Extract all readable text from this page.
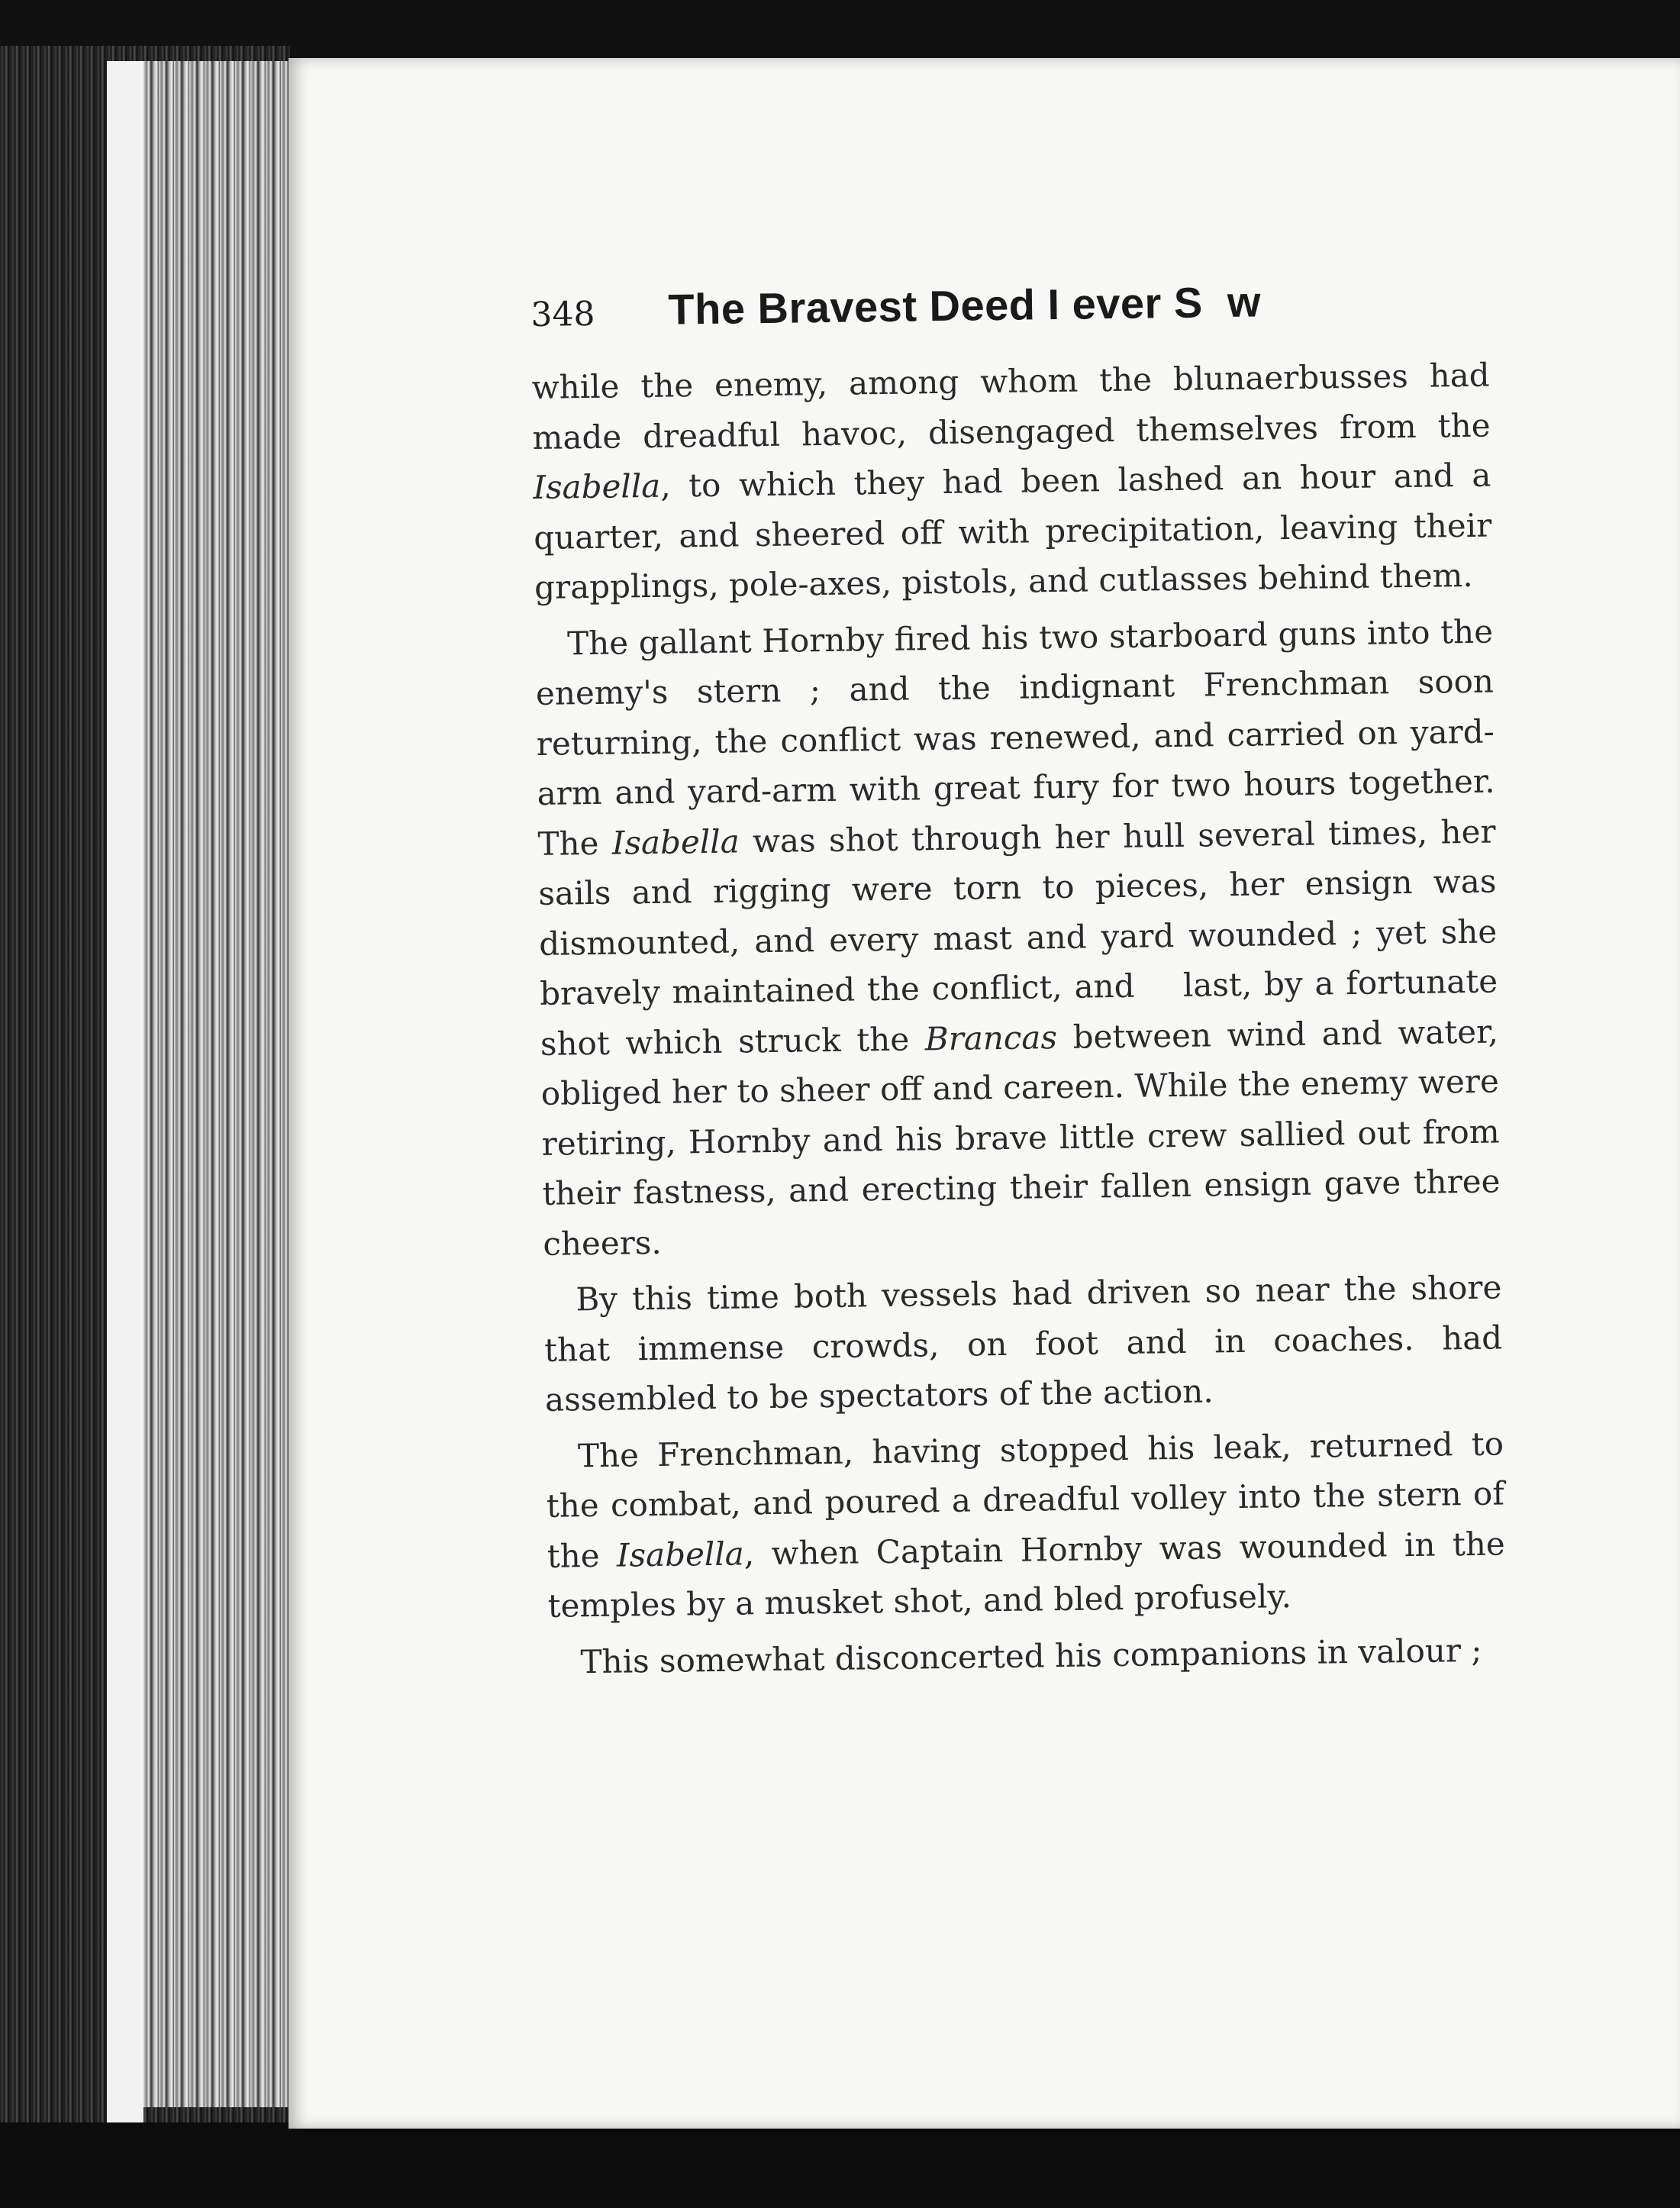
348	The Bravest Deed I ever S  w

while the enemy, among whom the blunaerbusses had made dreadful havoc, disengaged themselves from the Isabella, to which they had been lashed an hour and a quarter, and sheered off with precipitation, leaving their grapplings, pole-axes, pistols, and cutlasses behind them.

The gallant Hornby fired his two starboard guns into the enemy's stern ; and the indignant Frenchman soon returning, the conflict was renewed, and carried on yard-arm and yard-arm with great fury for two hours together. The Isabella was shot through her hull several times, her sails and rigging were torn to pieces, her ensign was dismounted, and every mast and yard wounded ; yet she bravely maintained the conflict, and    last, by a fortunate shot which struck the Brancas between wind and water, obliged her to sheer off and careen. While the enemy were retiring, Hornby and his brave little crew sallied out from their fastness, and erecting their fallen ensign gave three cheers.

By this time both vessels had driven so near the shore that immense crowds, on foot and in coaches. had assembled to be spectators of the action.

The Frenchman, having stopped his leak, returned to the combat, and poured a dreadful volley into the stern of the Isabella, when Captain Hornby was wounded in the temples by a musket shot, and bled profusely.

This somewhat disconcerted his companions in valour ;
